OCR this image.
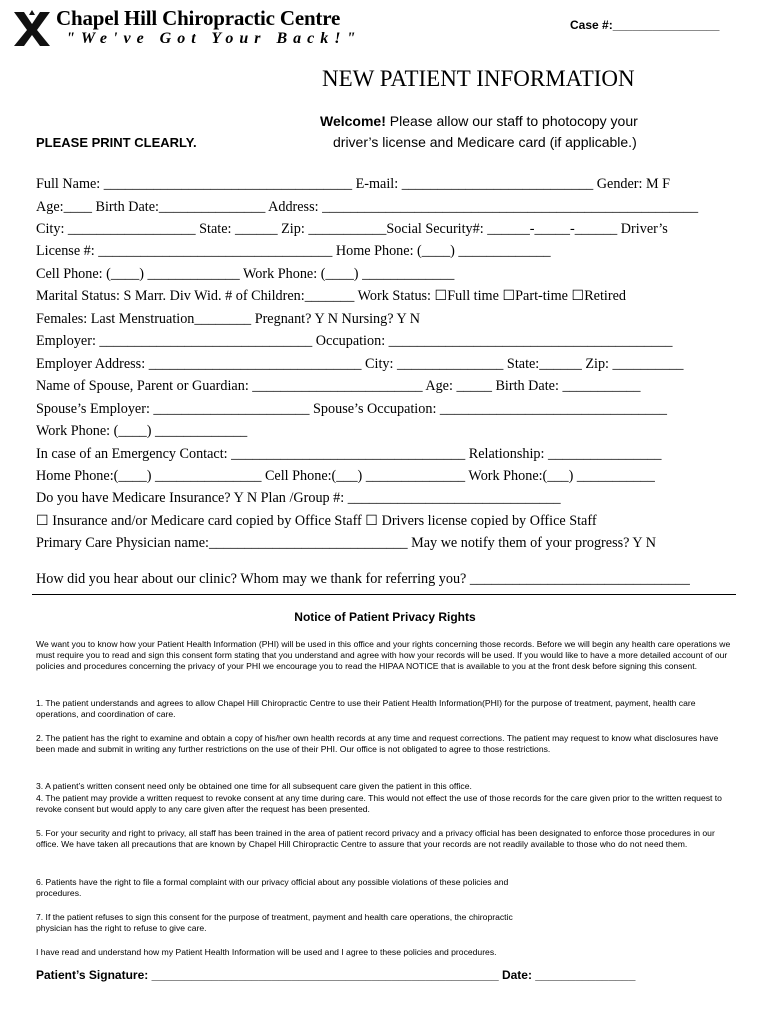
Chapel Hill Chiropractic Centre
"We've Got Your Back!"
Case #:________________
NEW PATIENT INFORMATION
Welcome! Please allow our staff to photocopy your
driver’s license and Medicare card (if applicable.)
PLEASE PRINT CLEARLY.
Full Name: ___________________________________ E-mail: ___________________________ Gender: M F
Age:____ Birth Date:_______________ Address: _____________________________________________________
City: __________________ State: ______ Zip: ___________Social Security#: ______-_____-______ Driver’s
License #: _________________________________ Home Phone: (____) _____________
Cell Phone: (____) _____________ Work Phone: (____) _____________
Marital Status: S Marr. Div Wid. # of Children:_______ Work Status: ☐Full time ☐Part-time ☐Retired
Females: Last Menstruation________ Pregnant? Y N Nursing? Y N
Employer: ______________________________ Occupation: ________________________________________
Employer Address: ______________________________ City: _______________ State:______ Zip: __________
Name of Spouse, Parent or Guardian: ________________________ Age: _____ Birth Date: ___________
Spouse’s Employer: ______________________ Spouse’s Occupation: ________________________________
Work Phone: (____) _____________
In case of an Emergency Contact: _________________________________ Relationship: ________________
Home Phone:(____) _______________ Cell Phone:(___) ______________ Work Phone:(___) ___________
Do you have Medicare Insurance? Y N Plan /Group #: ______________________________
☐ Insurance and/or Medicare card copied by Office Staff ☐ Drivers license copied by Office Staff
Primary Care Physician name:____________________________ May we notify them of your progress? Y N
How did you hear about our clinic? Whom may we thank for referring you? _______________________________
Notice of Patient Privacy Rights
We want you to know how your Patient Health Information (PHI) will be used in this office and your rights concerning those records. Before we will begin any health care operations we must require you to read and sign this consent form stating that you understand and agree with how your records will be used. If you would like to have a more detailed account of our policies and procedures concerning the privacy of your PHI we encourage you to read the HIPAA NOTICE that is available to you at the front desk before signing this consent.
1. The patient understands and agrees to allow Chapel Hill Chiropractic Centre to use their Patient Health Information(PHI) for the purpose of treatment, payment, health care operations, and coordination of care.
2. The patient has the right to examine and obtain a copy of his/her own health records at any time and request corrections. The patient may request to know what disclosures have been made and submit in writing any further restrictions on the use of their PHI. Our office is not obligated to agree to those restrictions.
3. A patient’s written consent need only be obtained one time for all subsequent care given the patient in this office.
4. The patient may provide a written request to revoke consent at any time during care. This would not effect the use of those records for the care given prior to the written request to revoke consent but would apply to any care given after the request has been presented.
5. For your security and right to privacy, all staff has been trained in the area of patient record privacy and a privacy official has been designated to enforce those procedures in our office. We have taken all precautions that are known by Chapel Hill Chiropractic Centre to assure that your records are not readily available to those who do not need them.
6. Patients have the right to file a formal complaint with our privacy official about any possible violations of these policies and procedures.
7. If the patient refuses to sign this consent for the purpose of treatment, payment and health care operations, the chiropractic physician has the right to refuse to give care.
I have read and understand how my Patient Health Information will be used and I agree to these policies and procedures.
Patient’s Signature: ____________________________________________________ Date: _______________
